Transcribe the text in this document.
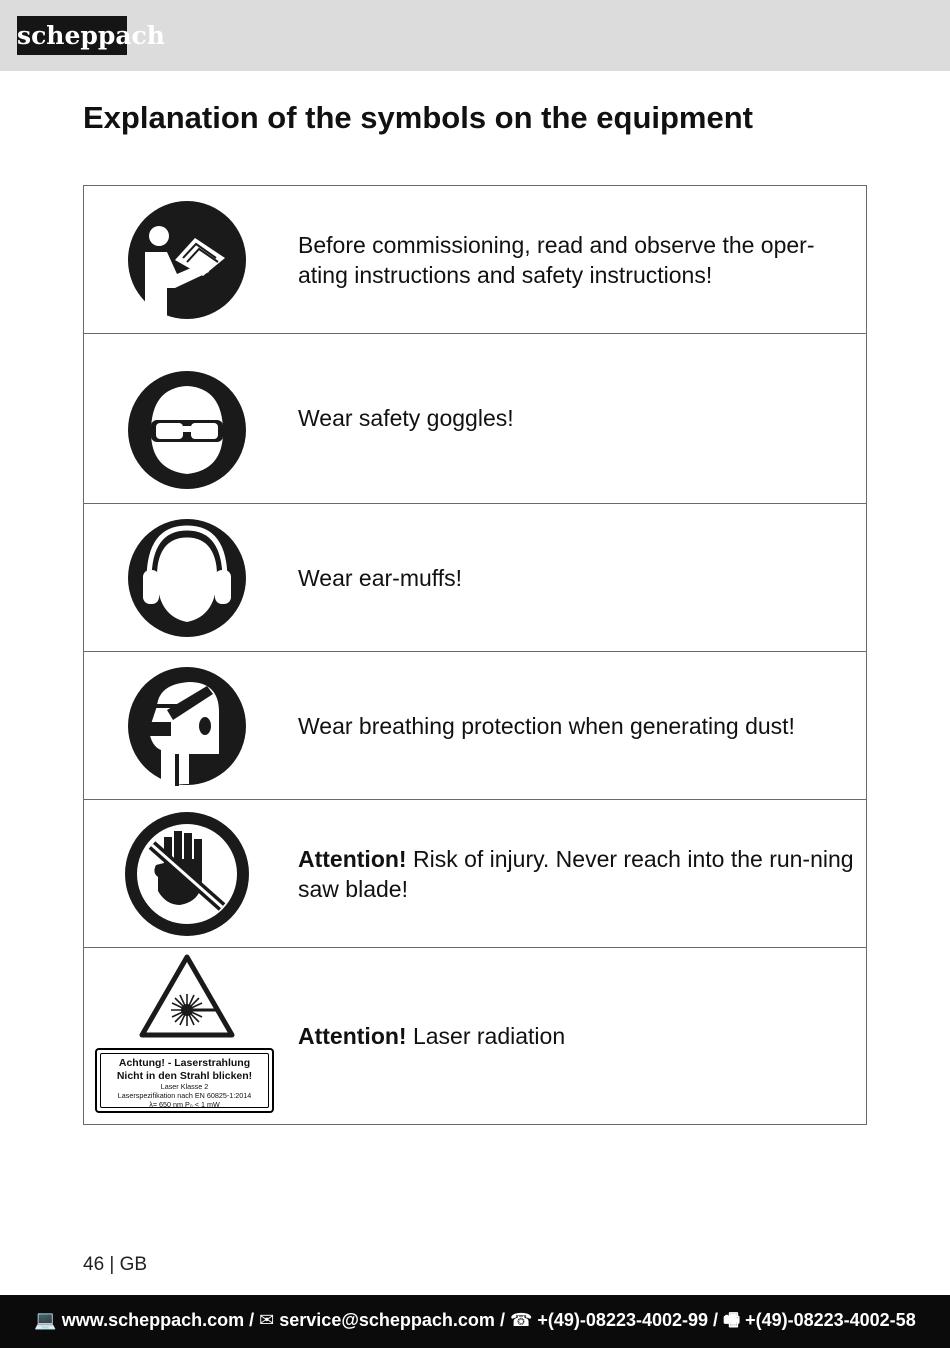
scheppach
Explanation of the symbols on the equipment
Before commissioning, read and observe the oper-ating instructions and safety instructions!
Wear safety goggles!
Wear ear-muffs!
Wear breathing protection when generating dust!
Attention! Risk of injury. Never reach into the run-ning saw blade!
Achtung! - Laserstrahlung
Nicht in den Strahl blicken!
Laser Klasse 2
Laserspezifikation nach EN 60825-1:2014
λ= 650 nm P₀ < 1 mW
Attention! Laser radiation
46 | GB
💻 www.scheppach.com / ✉ service@scheppach.com / ☎ +(49)-08223-4002-99 / 🖷 +(49)-08223-4002-58
